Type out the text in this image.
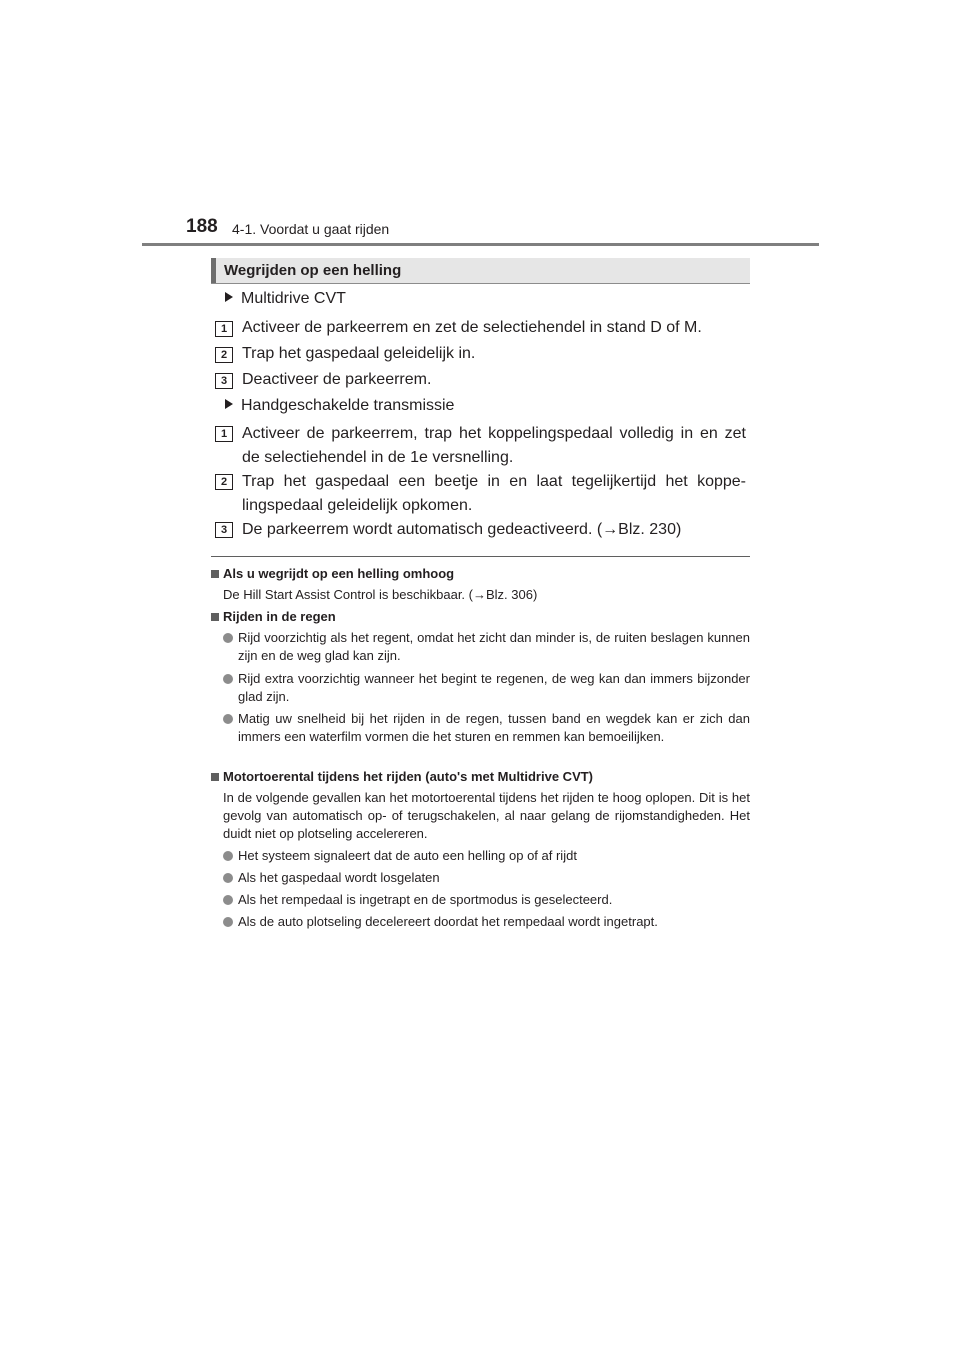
188 4-1. Voordat u gaat rijden
Wegrijden op een helling
Multidrive CVT
1 Activeer de parkeerrem en zet de selectiehendel in stand D of M.
2 Trap het gaspedaal geleidelijk in.
3 Deactiveer de parkeerrem.
Handgeschakelde transmissie
1 Activeer de parkeerrem, trap het koppelingspedaal volledig in en zet de selectiehendel in de 1e versnelling.
2 Trap het gaspedaal een beetje in en laat tegelijkertijd het koppe-lingspedaal geleidelijk opkomen.
3 De parkeerrem wordt automatisch gedeactiveerd. (→Blz. 230)
Als u wegrijdt op een helling omhoog
De Hill Start Assist Control is beschikbaar. (→Blz. 306)
Rijden in de regen
Rijd voorzichtig als het regent, omdat het zicht dan minder is, de ruiten beslagen kunnen zijn en de weg glad kan zijn.
Rijd extra voorzichtig wanneer het begint te regenen, de weg kan dan immers bijzonder glad zijn.
Matig uw snelheid bij het rijden in de regen, tussen band en wegdek kan er zich dan immers een waterfilm vormen die het sturen en remmen kan bemoeilijken.
Motortoerental tijdens het rijden (auto's met Multidrive CVT)
In de volgende gevallen kan het motortoerental tijdens het rijden te hoog oplopen. Dit is het gevolg van automatisch op- of terugschakelen, al naar gelang de rijomstandigheden. Het duidt niet op plotseling accelereren.
Het systeem signaleert dat de auto een helling op of af rijdt
Als het gaspedaal wordt losgelaten
Als het rempedaal is ingetrapt en de sportmodus is geselecteerd.
Als de auto plotseling decelereert doordat het rempedaal wordt ingetrapt.
